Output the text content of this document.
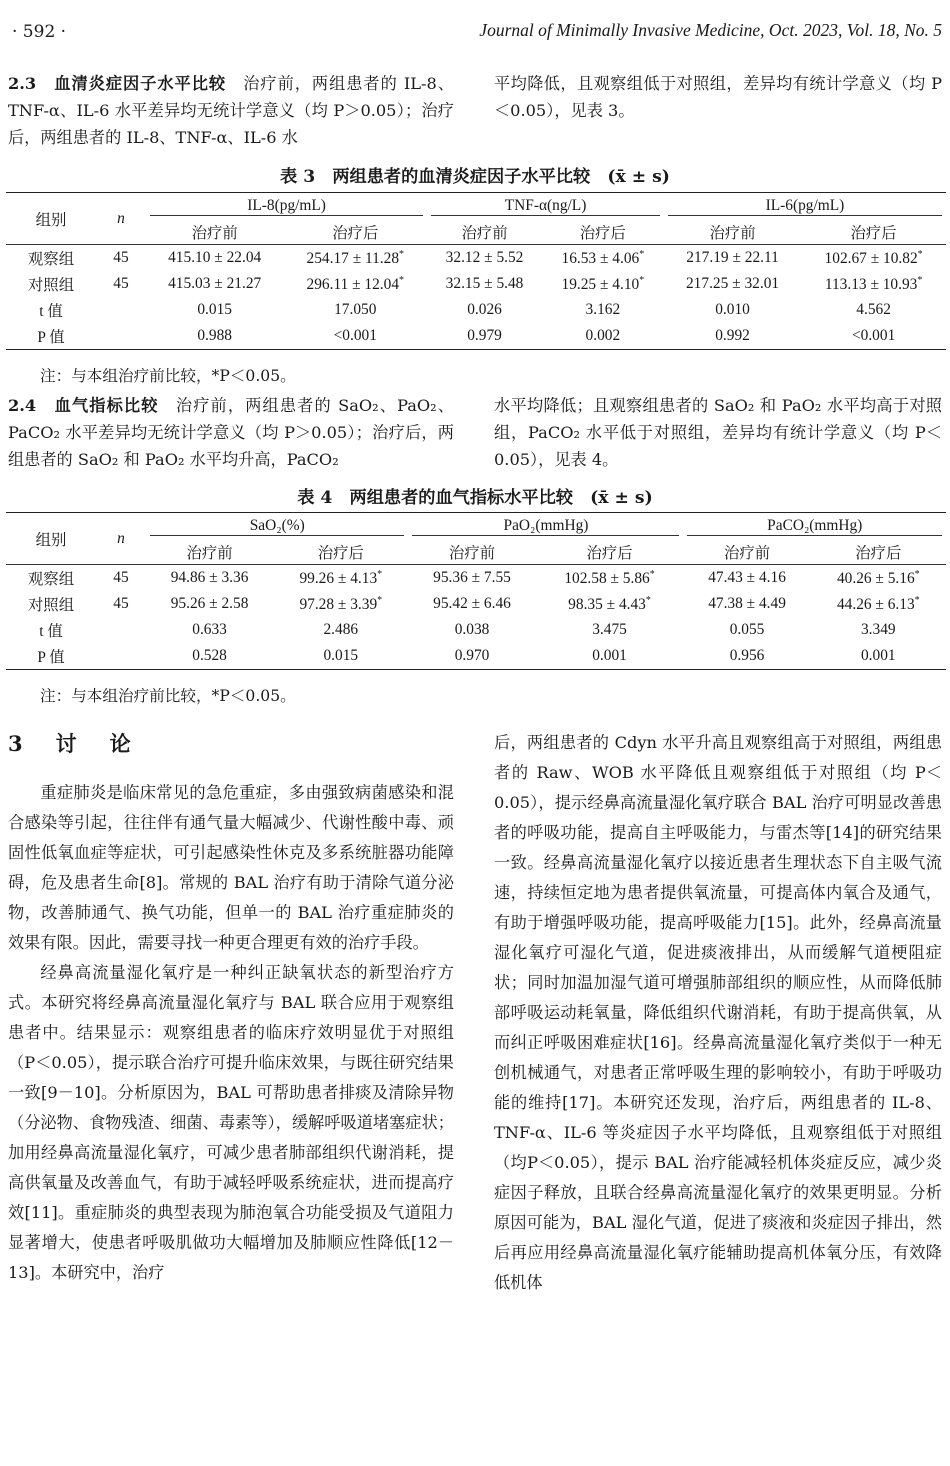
· 592 ·	Journal of Minimally Invasive Medicine, Oct. 2023, Vol. 18, No. 5

2.3　血清炎症因子水平比较　治疗前，两组患者的 IL-8、TNF-α、IL-6 水平差异均无统计学意义（均 P＞0.05）；治疗后，两组患者的 IL-8、TNF-α、IL-6 水

平均降低，且观察组低于对照组，差异均有统计学意义（均 P＜0.05），见表 3。

表 3　两组患者的血清炎症因子水平比较　(x̄ ± s)
组别	n	IL-8(pg/mL)		TNF-α(ng/L)		IL-6(pg/mL)	

		治疗前	治疗后	治疗前	治疗后	治疗前	治疗后
观察组	45	415.10 ± 22.04	254.17 ± 11.28*	32.12 ± 5.52	16.53 ± 4.06*	217.19 ± 22.11	102.67 ± 10.82*
对照组	45	415.03 ± 21.27	296.11 ± 12.04*	32.15 ± 5.48	19.25 ± 4.10*	217.25 ± 32.01	113.13 ± 10.93*
t 值		0.015	17.050	0.026	3.162	0.010	4.562
P 值		0.988	<0.001	0.979	0.002	0.992	<0.001
注：与本组治疗前比较，*P＜0.05。

2.4　血气指标比较　治疗前，两组患者的 SaO₂、PaO₂、PaCO₂ 水平差异均无统计学意义（均 P＞0.05）；治疗后，两组患者的 SaO₂ 和 PaO₂ 水平均升高，PaCO₂

水平均降低；且观察组患者的 SaO₂ 和 PaO₂ 水平均高于对照组，PaCO₂ 水平低于对照组，差异均有统计学意义（均 P＜0.05），见表 4。

表 4　两组患者的血气指标水平比较　(x̄ ± s)
组别	n	SaO₂(%)		PaO₂(mmHg)		PaCO₂(mmHg)	

		治疗前	治疗后	治疗前	治疗后	治疗前	治疗后
观察组	45	94.86 ± 3.36	99.26 ± 4.13*	95.36 ± 7.55	102.58 ± 5.86*	47.43 ± 4.16	40.26 ± 5.16*
对照组	45	95.26 ± 2.58	97.28 ± 3.39*	95.42 ± 6.46	98.35 ± 4.43*	47.38 ± 4.49	44.26 ± 6.13*
t 值		0.633	2.486	0.038	3.475	0.055	3.349
P 值		0.528	0.015	0.970	0.001	0.956	0.001
注：与本组治疗前比较，*P＜0.05。
3　讨　论

重症肺炎是临床常见的急危重症，多由强致病菌感染和混合感染等引起，往往伴有通气量大幅减少、代谢性酸中毒、顽固性低氧血症等症状，可引起感染性休克及多系统脏器功能障碍，危及患者生命[8]。常规的 BAL 治疗有助于清除气道分泌物，改善肺通气、换气功能，但单一的 BAL 治疗重症肺炎的效果有限。因此，需要寻找一种更合理更有效的治疗手段。

经鼻高流量湿化氧疗是一种纠正缺氧状态的新型治疗方式。本研究将经鼻高流量湿化氧疗与 BAL 联合应用于观察组患者中。结果显示：观察组患者的临床疗效明显优于对照组（P＜0.05），提示联合治疗可提升临床效果，与既往研究结果一致[9－10]。分析原因为，BAL 可帮助患者排痰及清除异物（分泌物、食物残渣、细菌、毒素等），缓解呼吸道堵塞症状；加用经鼻高流量湿化氧疗，可减少患者肺部组织代谢消耗，提高供氧量及改善血气，有助于减轻呼吸系统症状，进而提高疗效[11]。重症肺炎的典型表现为肺泡氧合功能受损及气道阻力显著增大，使患者呼吸肌做功大幅增加及肺顺应性降低[12－13]。本研究中，治疗

后，两组患者的 Cdyn 水平升高且观察组高于对照组，两组患者的 Raw、WOB 水平降低且观察组低于对照组（均 P＜0.05），提示经鼻高流量湿化氧疗联合 BAL 治疗可明显改善患者的呼吸功能，提高自主呼吸能力，与雷杰等[14]的研究结果一致。经鼻高流量湿化氧疗以接近患者生理状态下自主吸气流速，持续恒定地为患者提供氧流量，可提高体内氧合及通气，有助于增强呼吸功能，提高呼吸能力[15]。此外，经鼻高流量湿化氧疗可湿化气道，促进痰液排出，从而缓解气道梗阻症状；同时加温加湿气道可增强肺部组织的顺应性，从而降低肺部呼吸运动耗氧量，降低组织代谢消耗，有助于提高供氧，从而纠正呼吸困难症状[16]。经鼻高流量湿化氧疗类似于一种无创机械通气，对患者正常呼吸生理的影响较小，有助于呼吸功能的维持[17]。本研究还发现，治疗后，两组患者的 IL-8、TNF-α、IL-6 等炎症因子水平均降低，且观察组低于对照组（均P＜0.05），提示 BAL 治疗能减轻机体炎症反应，减少炎症因子释放，且联合经鼻高流量湿化氧疗的效果更明显。分析原因可能为，BAL 湿化气道，促进了痰液和炎症因子排出，然后再应用经鼻高流量湿化氧疗能辅助提高机体氧分压，有效降低机体
